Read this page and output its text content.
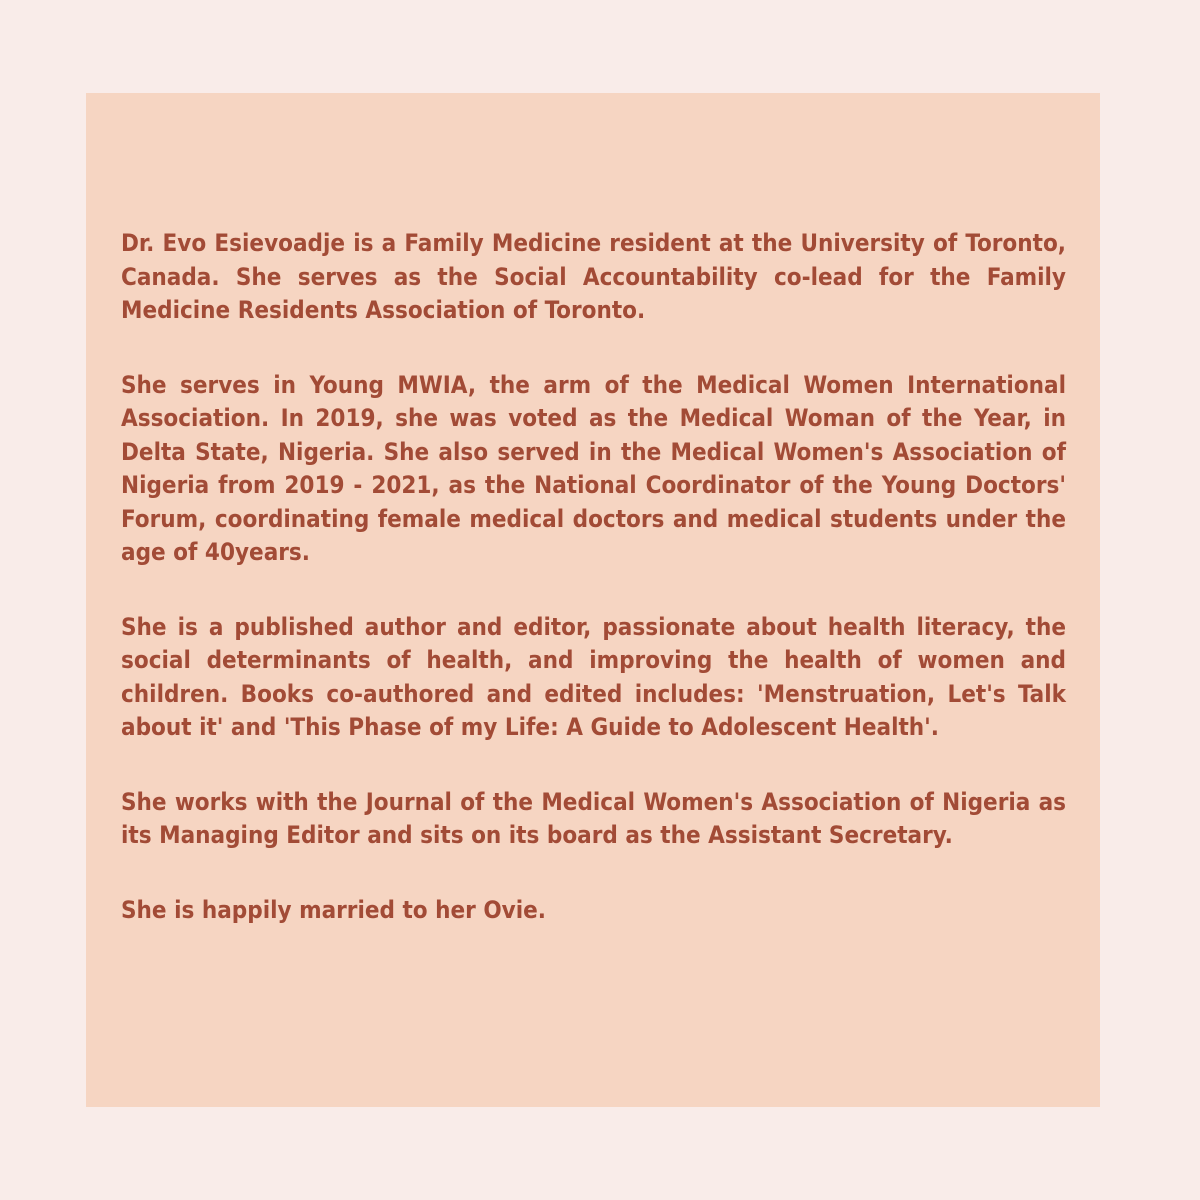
Dr. Evo Esievoadje is a Family Medicine resident at the University of Toronto, Canada. She serves as the Social Accountability co-lead for the Family Medicine Residents Association of Toronto.

She serves in Young MWIA, the arm of the Medical Women International Association. In 2019, she was voted as the Medical Woman of the Year, in Delta State, Nigeria. She also served in the Medical Women's Association of Nigeria from 2019 - 2021, as the National Coordinator of the Young Doctors' Forum, coordinating female medical doctors and medical students under the age of 40years.

She is a published author and editor, passionate about health literacy, the social determinants of health, and improving the health of women and children. Books co-authored and edited includes: 'Menstruation, Let's Talk about it' and 'This Phase of my Life: A Guide to Adolescent Health'.

She works with the Journal of the Medical Women's Association of Nigeria as its Managing Editor and sits on its board as the Assistant Secretary.

She is happily married to her Ovie.
